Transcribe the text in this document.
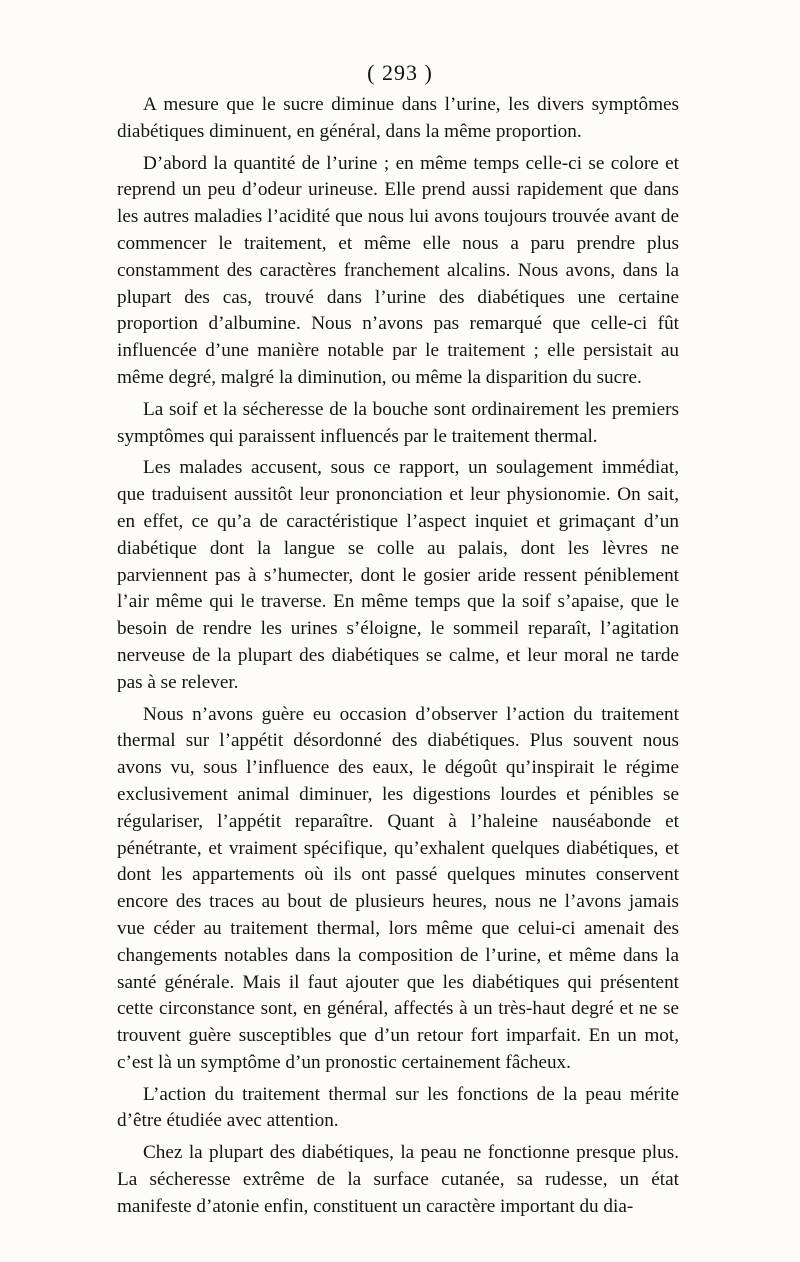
( 293 )

A mesure que le sucre diminue dans l’urine, les divers symptômes diabétiques diminuent, en général, dans la même proportion.

D’abord la quantité de l’urine ; en même temps celle-ci se colore et reprend un peu d’odeur urineuse. Elle prend aussi rapidement que dans les autres maladies l’acidité que nous lui avons toujours trouvée avant de commencer le traitement, et même elle nous a paru prendre plus constamment des caractères franchement alcalins. Nous avons, dans la plupart des cas, trouvé dans l’urine des diabétiques une certaine proportion d’albumine. Nous n’avons pas remarqué que celle-ci fût influencée d’une manière notable par le traitement ; elle persistait au même degré, malgré la diminution, ou même la disparition du sucre.

La soif et la sécheresse de la bouche sont ordinairement les premiers symptômes qui paraissent influencés par le traitement thermal.

Les malades accusent, sous ce rapport, un soulagement immédiat, que traduisent aussitôt leur prononciation et leur physionomie. On sait, en effet, ce qu’a de caractéristique l’aspect inquiet et grimaçant d’un diabétique dont la langue se colle au palais, dont les lèvres ne parviennent pas à s’humecter, dont le gosier aride ressent péniblement l’air même qui le traverse. En même temps que la soif s’apaise, que le besoin de rendre les urines s’éloigne, le sommeil reparaît, l’agitation nerveuse de la plupart des diabétiques se calme, et leur moral ne tarde pas à se relever.

Nous n’avons guère eu occasion d’observer l’action du traitement thermal sur l’appétit désordonné des diabétiques. Plus souvent nous avons vu, sous l’influence des eaux, le dégoût qu’inspirait le régime exclusivement animal diminuer, les digestions lourdes et pénibles se régulariser, l’appétit reparaître. Quant à l’haleine nauséabonde et pénétrante, et vraiment spécifique, qu’exhalent quelques diabétiques, et dont les appartements où ils ont passé quelques minutes conservent encore des traces au bout de plusieurs heures, nous ne l’avons jamais vue céder au traitement thermal, lors même que celui-ci amenait des changements notables dans la composition de l’urine, et même dans la santé générale. Mais il faut ajouter que les diabétiques qui présentent cette circonstance sont, en général, affectés à un très-haut degré et ne se trouvent guère susceptibles que d’un retour fort imparfait. En un mot, c’est là un symptôme d’un pronostic certainement fâcheux.

L’action du traitement thermal sur les fonctions de la peau mérite d’être étudiée avec attention.

Chez la plupart des diabétiques, la peau ne fonctionne presque plus. La sécheresse extrême de la surface cutanée, sa rudesse, un état manifeste d’atonie enfin, constituent un caractère important du dia-
